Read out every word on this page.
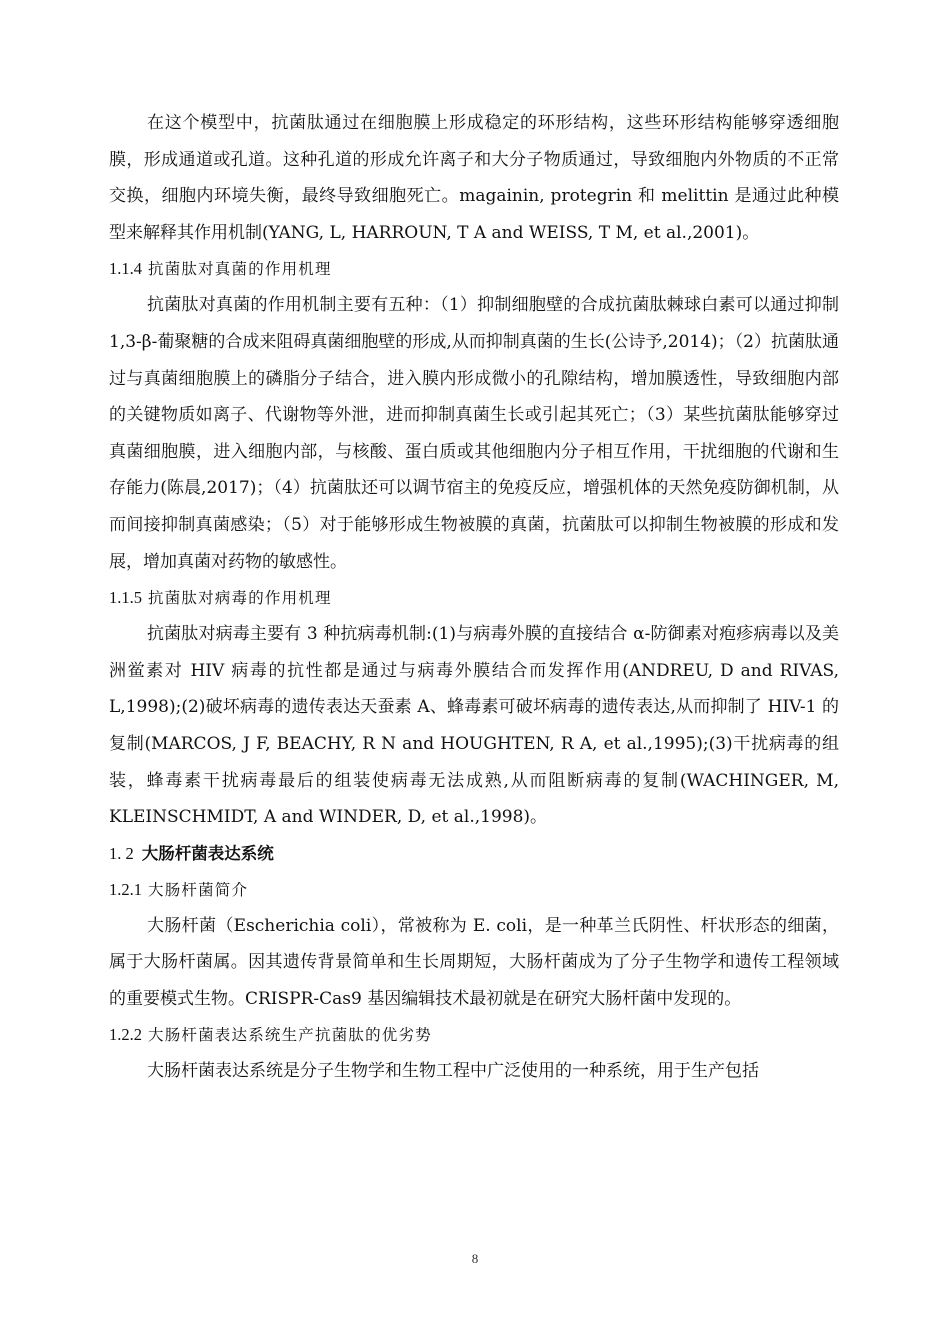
在这个模型中，抗菌肽通过在细胞膜上形成稳定的环形结构，这些环形结构能够穿透细胞膜，形成通道或孔道。这种孔道的形成允许离子和大分子物质通过，导致细胞内外物质的不正常交换，细胞内环境失衡，最终导致细胞死亡。magainin, protegrin 和 melittin 是通过此种模型来解释其作用机制(YANG, L, HARROUN, T A and WEISS, T M, et al.,2001)。

1.1.4 抗菌肽对真菌的作用机理

抗菌肽对真菌的作用机制主要有五种：（1）抑制细胞壁的合成抗菌肽棘球白素可以通过抑制 1,3-β-葡聚糖的合成来阻碍真菌细胞壁的形成,从而抑制真菌的生长(公诗予,2014)；（2）抗菌肽通过与真菌细胞膜上的磷脂分子结合，进入膜内形成微小的孔隙结构，增加膜透性，导致细胞内部的关键物质如离子、代谢物等外泄，进而抑制真菌生长或引起其死亡；（3）某些抗菌肽能够穿过真菌细胞膜，进入细胞内部，与核酸、蛋白质或其他细胞内分子相互作用，干扰细胞的代谢和生存能力(陈晨,2017)；（4）抗菌肽还可以调节宿主的免疫反应，增强机体的天然免疫防御机制，从而间接抑制真菌感染；（5）对于能够形成生物被膜的真菌，抗菌肽可以抑制生物被膜的形成和发展，增加真菌对药物的敏感性。

1.1.5 抗菌肽对病毒的作用机理

抗菌肽对病毒主要有 3 种抗病毒机制:(1)与病毒外膜的直接结合 α-防御素对疱疹病毒以及美洲鲎素对 HIV 病毒的抗性都是通过与病毒外膜结合而发挥作用(ANDREU, D and RIVAS, L,1998);(2)破坏病毒的遗传表达天蚕素 A、蜂毒素可破坏病毒的遗传表达,从而抑制了 HIV-1 的复制(MARCOS, J F, BEACHY, R N and HOUGHTEN, R A, et al.,1995);(3)干扰病毒的组装，蜂毒素干扰病毒最后的组装使病毒无法成熟,从而阻断病毒的复制(WACHINGER, M, KLEINSCHMIDT, A and WINDER, D, et al.,1998)。

1. 2 大肠杆菌表达系统
1.2.1 大肠杆菌简介

大肠杆菌（Escherichia coli），常被称为 E. coli，是一种革兰氏阴性、杆状形态的细菌，属于大肠杆菌属。因其遗传背景简单和生长周期短，大肠杆菌成为了分子生物学和遗传工程领域的重要模式生物。CRISPR-Cas9 基因编辑技术最初就是在研究大肠杆菌中发现的。

1.2.2 大肠杆菌表达系统生产抗菌肽的优劣势

大肠杆菌表达系统是分子生物学和生物工程中广泛使用的一种系统，用于生产包括

8
